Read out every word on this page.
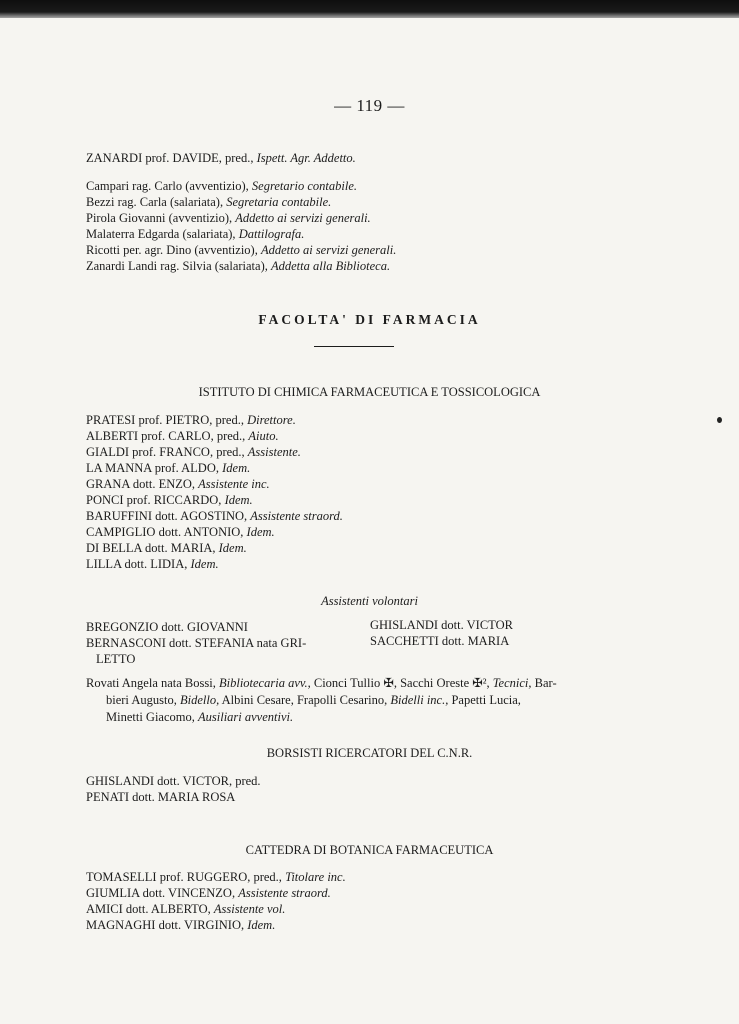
— 119 —
ZANARDI prof. DAVIDE, pred., Ispett. Agr. Addetto.
Campari rag. Carlo (avventizio), Segretario contabile.
Bezzi rag. Carla (salariata), Segretaria contabile.
Pirola Giovanni (avventizio), Addetto ai servizi generali.
Malaterra Edgarda (salariata), Dattilografa.
Ricotti per. agr. Dino (avventizio), Addetto ai servizi generali.
Zanardi Landi rag. Silvia (salariata), Addetta alla Biblioteca.
FACOLTA' DI FARMACIA
ISTITUTO DI CHIMICA FARMACEUTICA E TOSSICOLOGICA
PRATESI prof. PIETRO, pred., Direttore.
ALBERTI prof. CARLO, pred., Aiuto.
GIALDI prof. FRANCO, pred., Assistente.
LA MANNA prof. ALDO, Idem.
GRANA dott. ENZO, Assistente inc.
PONCI prof. RICCARDO, Idem.
BARUFFINI dott. AGOSTINO, Assistente straord.
CAMPIGLIO dott. ANTONIO, Idem.
DI BELLA dott. MARIA, Idem.
LILLA dott. LIDIA, Idem.
Assistenti volontari
BREGONZIO dott. GIOVANNI
BERNASCONI dott. STEFANIA nata GRI-
LETTO
GHISLANDI dott. VICTOR
SACCHETTI dott. MARIA
Rovati Angela nata Bossi, Bibliotecaria avv., Cionci Tullio ✠, Sacchi Oreste ✠², Tecnici, Bar-
bieri Augusto, Bidello, Albini Cesare, Frapolli Cesarino, Bidelli inc., Papetti Lucia,
Minetti Giacomo, Ausiliari avventivi.
BORSISTI RICERCATORI DEL C.N.R.
GHISLANDI dott. VICTOR, pred.
PENATI dott. MARIA ROSA
CATTEDRA DI BOTANICA FARMACEUTICA
TOMASELLI prof. RUGGERO, pred., Titolare inc.
GIUMLIA dott. VINCENZO, Assistente straord.
AMICI dott. ALBERTO, Assistente vol.
MAGNAGHI dott. VIRGINIO, Idem.
